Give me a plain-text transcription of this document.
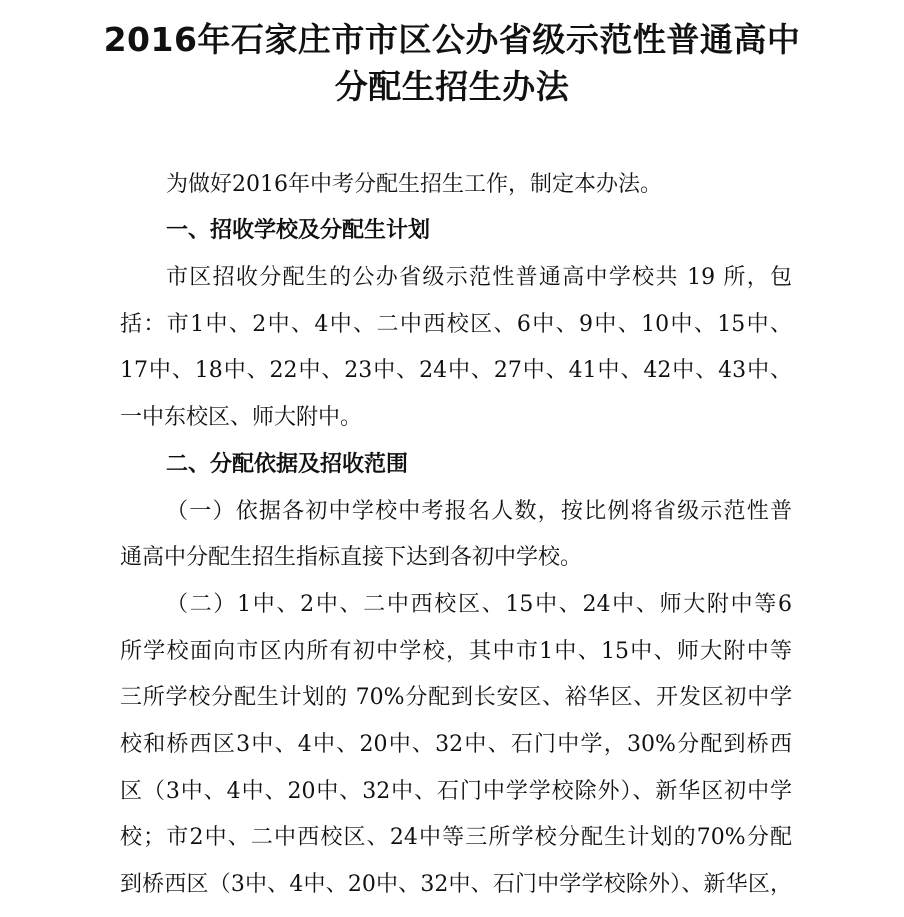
2016年石家庄市市区公办省级示范性普通高中
分配生招生办法
为做好2016年中考分配生招生工作，制定本办法。
一、招收学校及分配生计划
市区招收分配生的公办省级示范性普通高中学校共 19 所，包
括：市1中、2中、4中、二中西校区、6中、9中、10中、15中、
17中、18中、22中、23中、24中、27中、41中、42中、43中、
一中东校区、师大附中。
二、分配依据及招收范围
（一）依据各初中学校中考报名人数，按比例将省级示范性普
通高中分配生招生指标直接下达到各初中学校。
（二）1中、2中、二中西校区、15中、24中、师大附中等6
所学校面向市区内所有初中学校，其中市1中、15中、师大附中等
三所学校分配生计划的 70%分配到长安区、裕华区、开发区初中学
校和桥西区3中、4中、20中、32中、石门中学，30%分配到桥西
区（3中、4中、20中、32中、石门中学学校除外）、新华区初中学
校；市2中、二中西校区、24中等三所学校分配生计划的70%分配
到桥西区（3中、4中、20中、32中、石门中学学校除外）、新华区，
